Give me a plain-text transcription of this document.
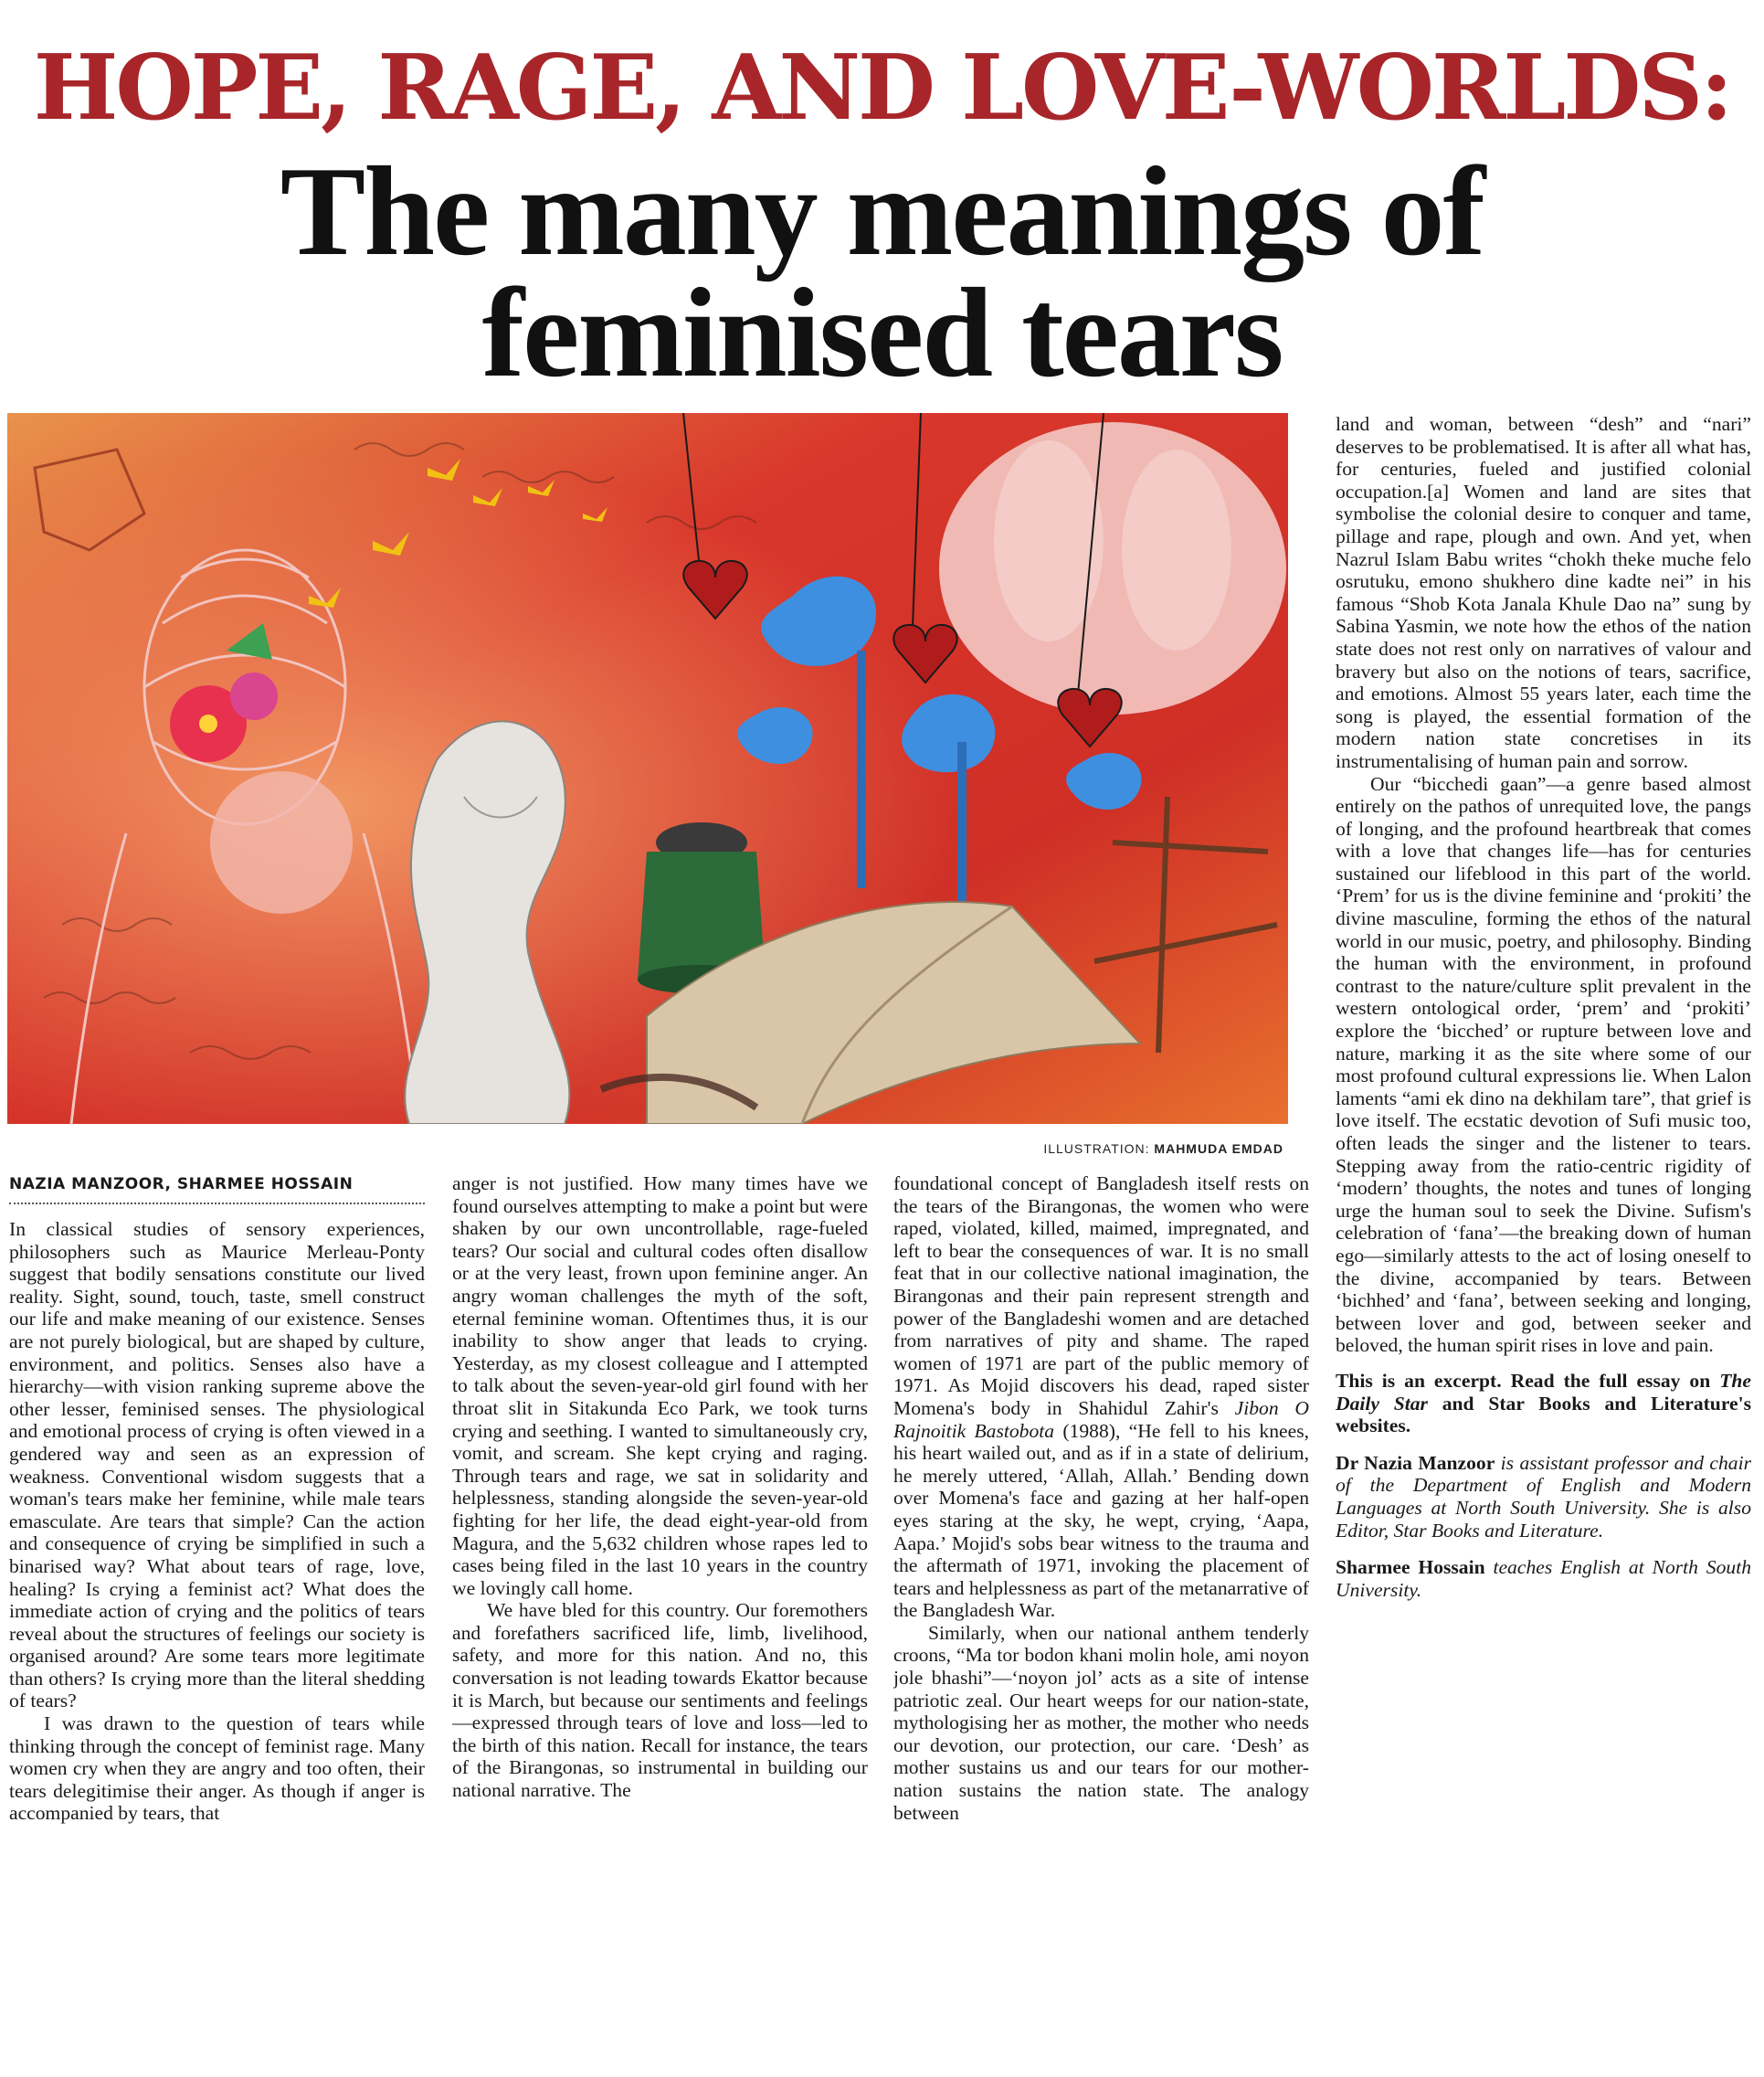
HOPE, RAGE, AND LOVE-WORLDS:
The many meanings of
feminised tears
ILLUSTRATION: MAHMUDA EMDAD
NAZIA MANZOOR, SHARMEE HOSSAIN

In classical studies of sensory experiences, philosophers such as Maurice Merleau-Ponty suggest that bodily sensations constitute our lived reality. Sight, sound, touch, taste, smell construct our life and make meaning of our existence. Senses are not purely biological, but are shaped by culture, environment, and politics. Senses also have a hierarchy—with vision ranking supreme above the other lesser, feminised senses. The physiological and emotional process of crying is often viewed in a gendered way and seen as an expression of weakness. Conventional wisdom suggests that a woman's tears make her feminine, while male tears emasculate. Are tears that simple? Can the action and consequence of crying be simplified in such a binarised way? What about tears of rage, love, healing? Is crying a feminist act? What does the immediate action of crying and the politics of tears reveal about the structures of feelings our society is organised around? Are some tears more legitimate than others? Is crying more than the literal shedding of tears?

I was drawn to the question of tears while thinking through the concept of feminist rage. Many women cry when they are angry and too often, their tears delegitimise their anger. As though if anger is accompanied by tears, that

anger is not justified. How many times have we found ourselves attempting to make a point but were shaken by our own uncontrollable, rage-fueled tears? Our social and cultural codes often disallow or at the very least, frown upon feminine anger. An angry woman challenges the myth of the soft, eternal feminine woman. Oftentimes thus, it is our inability to show anger that leads to crying. Yesterday, as my closest colleague and I attempted to talk about the seven-year-old girl found with her throat slit in Sitakunda Eco Park, we took turns crying and seething. I wanted to simultaneously cry, vomit, and scream. She kept crying and raging. Through tears and rage, we sat in solidarity and helplessness, standing alongside the seven-year-old fighting for her life, the dead eight-year-old from Magura, and the 5,632 children whose rapes led to cases being filed in the last 10 years in the country we lovingly call home.

We have bled for this country. Our foremothers and forefathers sacrificed life, limb, livelihood, safety, and more for this nation. And no, this conversation is not leading towards Ekattor because it is March, but because our sentiments and feelings—expressed through tears of love and loss—led to the birth of this nation. Recall for instance, the tears of the Birangonas, so instrumental in building our national narrative. The

foundational concept of Bangladesh itself rests on the tears of the Birangonas, the women who were raped, violated, killed, maimed, impregnated, and left to bear the consequences of war. It is no small feat that in our collective national imagination, the Birangonas and their pain represent strength and power of the Bangladeshi women and are detached from narratives of pity and shame. The raped women of 1971 are part of the public memory of 1971. As Mojid discovers his dead, raped sister Momena's body in Shahidul Zahir's Jibon O Rajnoitik Bastobota (1988), “He fell to his knees, his heart wailed out, and as if in a state of delirium, he merely uttered, ‘Allah, Allah.’ Bending down over Momena's face and gazing at her half-open eyes staring at the sky, he wept, crying, ‘Aapa, Aapa.’ Mojid's sobs bear witness to the trauma and the aftermath of 1971, invoking the placement of tears and helplessness as part of the metanarrative of the Bangladesh War.

Similarly, when our national anthem tenderly croons, “Ma tor bodon khani molin hole, ami noyon jole bhashi”—‘noyon jol’ acts as a site of intense patriotic zeal. Our heart weeps for our nation-state, mythologising her as mother, the mother who needs our devotion, our protection, our care. ‘Desh’ as mother sustains us and our tears for our mother-nation sustains the nation state. The analogy between

land and woman, between “desh” and “nari” deserves to be problematised. It is after all what has, for centuries, fueled and justified colonial occupation.[a] Women and land are sites that symbolise the colonial desire to conquer and tame, pillage and rape, plough and own. And yet, when Nazrul Islam Babu writes “chokh theke muche felo osrutuku, emono shukhero dine kadte nei” in his famous “Shob Kota Janala Khule Dao na” sung by Sabina Yasmin, we note how the ethos of the nation state does not rest only on narratives of valour and bravery but also on the notions of tears, sacrifice, and emotions. Almost 55 years later, each time the song is played, the essential formation of the modern nation state concretises in its instrumentalising of human pain and sorrow.

Our “bicchedi gaan”—a genre based almost entirely on the pathos of unrequited love, the pangs of longing, and the profound heartbreak that comes with a love that changes life—has for centuries sustained our lifeblood in this part of the world. ‘Prem’ for us is the divine feminine and ‘prokiti’ the divine masculine, forming the ethos of the natural world in our music, poetry, and philosophy. Binding the human with the environment, in profound contrast to the nature/culture split prevalent in the western ontological order, ‘prem’ and ‘prokiti’ explore the ‘bicched’ or rupture between love and nature, marking it as the site where some of our most profound cultural expressions lie. When Lalon laments “ami ek dino na dekhilam tare”, that grief is love itself. The ecstatic devotion of Sufi music too, often leads the singer and the listener to tears. Stepping away from the ratio-centric rigidity of ‘modern’ thoughts, the notes and tunes of longing urge the human soul to seek the Divine. Sufism's celebration of ‘fana’—the breaking down of human ego—similarly attests to the act of losing oneself to the divine, accompanied by tears. Between ‘bichhed’ and ‘fana’, between seeking and longing, between lover and god, between seeker and beloved, the human spirit rises in love and pain.

This is an excerpt. Read the full essay on The Daily Star and Star Books and Literature's websites.

Dr Nazia Manzoor is assistant professor and chair of the Department of English and Modern Languages at North South University. She is also Editor, Star Books and Literature.

Sharmee Hossain teaches English at North South University.
